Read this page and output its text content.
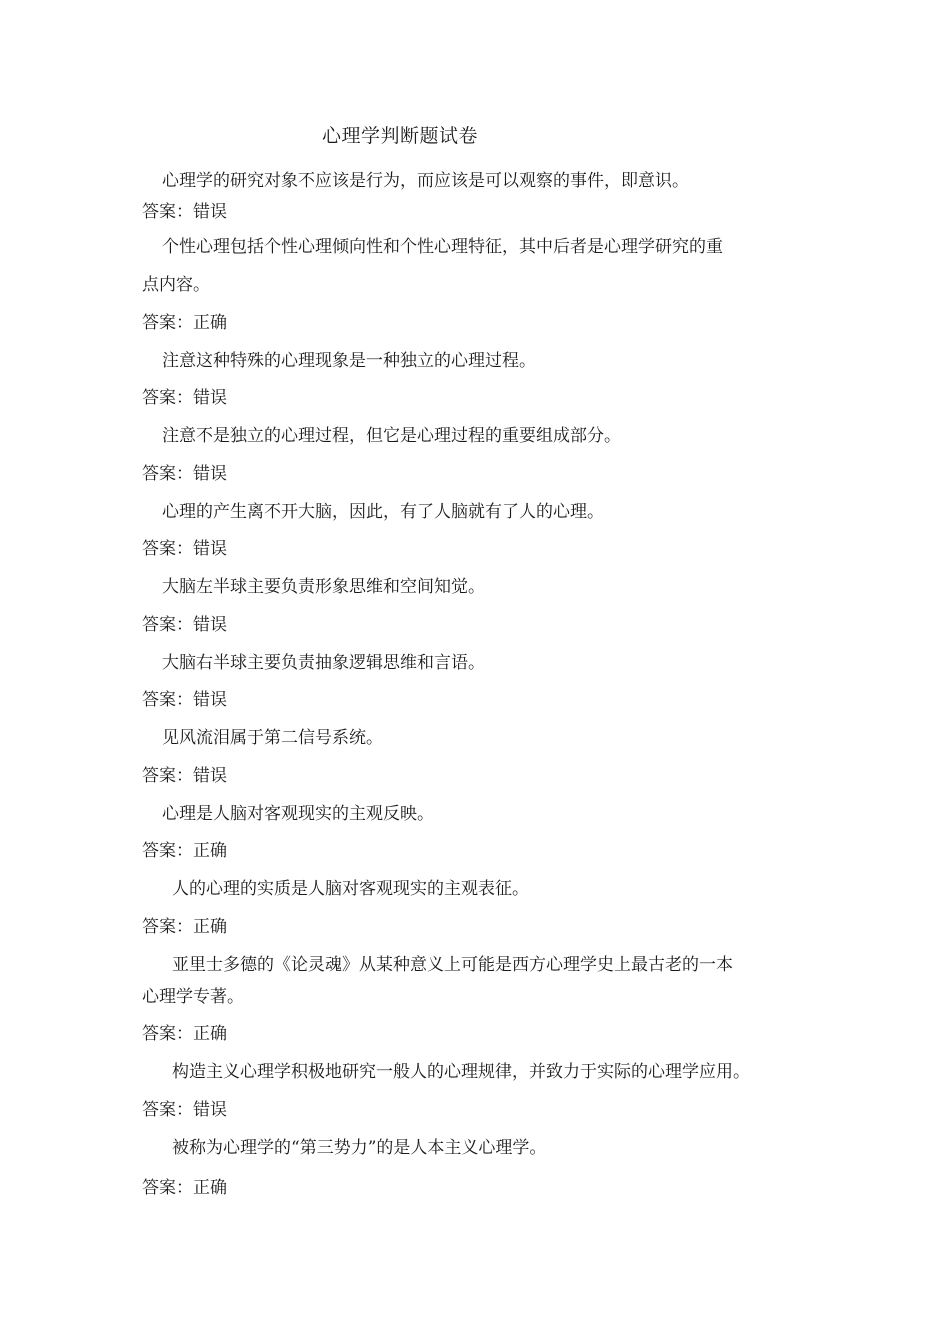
心理学判断题试卷
心理学的研究对象不应该是行为，而应该是可以观察的事件，即意识。
答案：错误
个性心理包括个性心理倾向性和个性心理特征，其中后者是心理学研究的重
点内容。
答案：正确
注意这种特殊的心理现象是一种独立的心理过程。
答案：错误
注意不是独立的心理过程，但它是心理过程的重要组成部分。
答案：错误
心理的产生离不开大脑，因此，有了人脑就有了人的心理。
答案：错误
大脑左半球主要负责形象思维和空间知觉。
答案：错误
大脑右半球主要负责抽象逻辑思维和言语。
答案：错误
见风流泪属于第二信号系统。
答案：错误
心理是人脑对客观现实的主观反映。
答案：正确
人的心理的实质是人脑对客观现实的主观表征。
答案：正确
亚里士多德的《论灵魂》从某种意义上可能是西方心理学史上最古老的一本
心理学专著。
答案：正确
构造主义心理学积极地研究一般人的心理规律，并致力于实际的心理学应用。
答案：错误
被称为心理学的“第三势力”的是人本主义心理学。
答案：正确
